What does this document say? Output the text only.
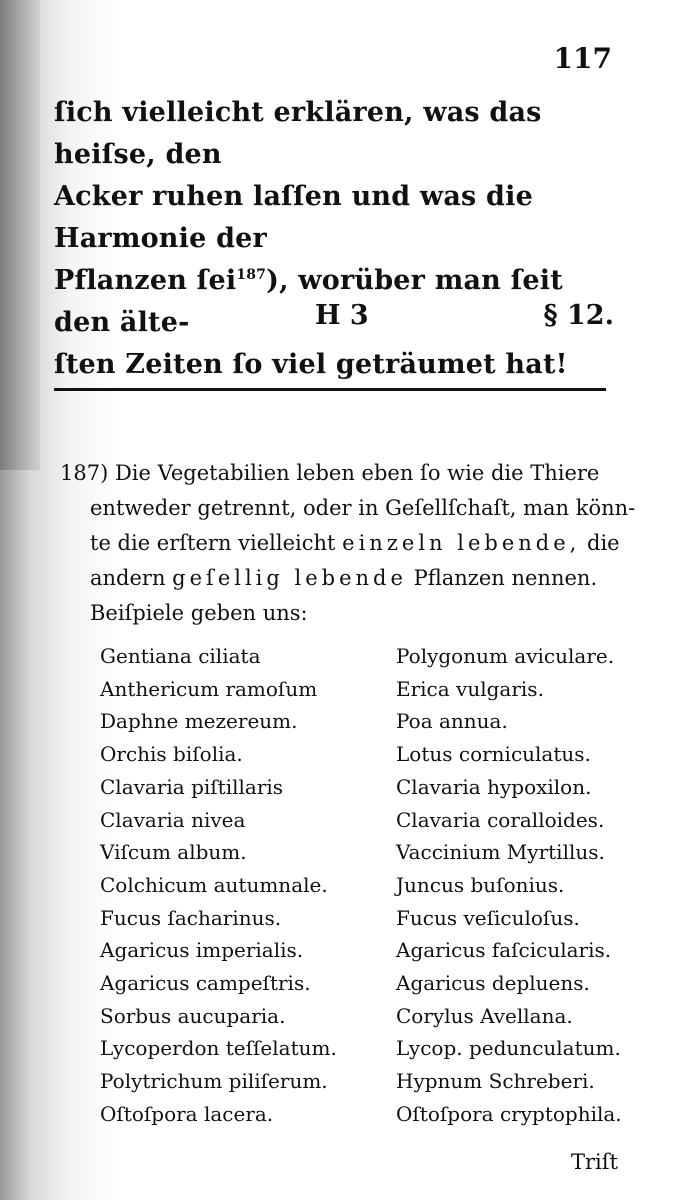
117

ſich vielleicht erklären, was das heiſse, den

Acker ruhen laſſen und was die Harmonie der

Pflanzen ſei$^{187}$), worüber man ſeit den älte-

ſten Zeiten ſo viel geträumet hat!

H 3	§ 12.
187) Die Vegetabilien leben eben ſo wie die Thiere
entweder getrennt, oder in Geſellſchaſt, man könn-
te die erſtern vielleicht einzeln lebende, die
andern geſellig lebende Pflanzen nennen.
Beiſpiele geben uns:
Gentiana ciliata
Anthericum ramoſum
Daphne mezereum.
Orchis biſolia.
Clavaria piſtillaris
Clavaria nivea
Viſcum album.
Colchicum autumnale.
Fucus ſacharinus.
Agaricus imperialis.
Agaricus campeſtris.
Sorbus aucuparia.
Lycoperdon teſſelatum.
Polytrichum piliſerum.
Oſtoſpora lacera.
Polygonum aviculare.
Erica vulgaris.
Poa annua.
Lotus corniculatus.
Clavaria hypoxilon.
Clavaria coralloides.
Vaccinium Myrtillus.
Juncus buſonius.
Fucus veſiculoſus.
Agaricus faſcicularis.
Agaricus depluens.
Corylus Avellana.
Lycop. pedunculatum.
Hypnum Schreberi.
Oſtoſpora cryptophila.
Triſt
